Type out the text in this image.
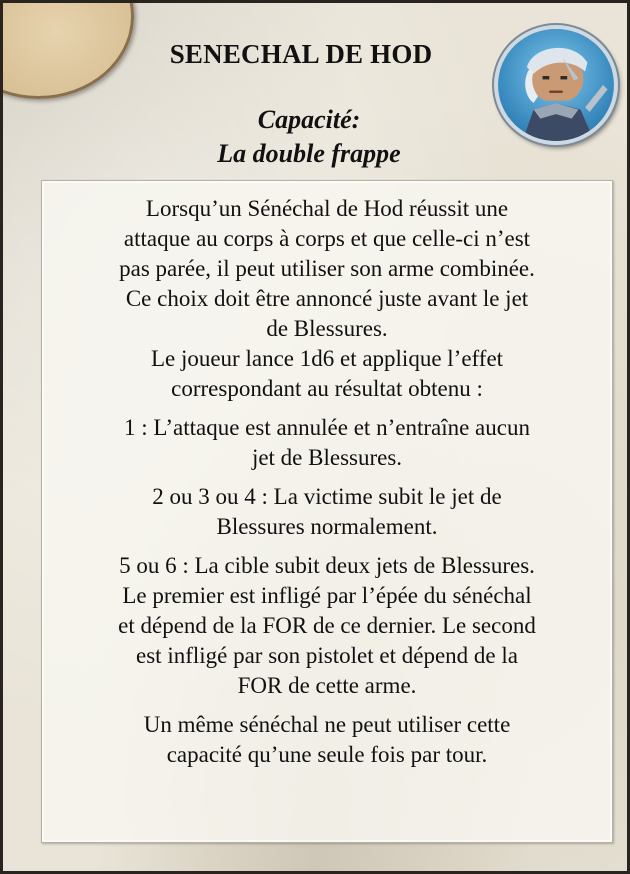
SENECHAL DE HOD
Capacité:
La double frappe

Lorsqu’un Sénéchal de Hod réussit une
attaque au corps à corps et que celle-ci n’est
pas parée, il peut utiliser son arme combinée.
Ce choix doit être annoncé juste avant le jet
de Blessures.
Le joueur lance 1d6 et applique l’effet
correspondant au résultat obtenu :

1 : L’attaque est annulée et n’entraîne aucun
jet de Blessures.

2 ou 3 ou 4 : La victime subit le jet de
Blessures normalement.

5 ou 6 : La cible subit deux jets de Blessures.
Le premier est infligé par l’épée du sénéchal
et dépend de la FOR de ce dernier. Le second
est infligé par son pistolet et dépend de la
FOR de cette arme.

Un même sénéchal ne peut utiliser cette
capacité qu’une seule fois par tour.
